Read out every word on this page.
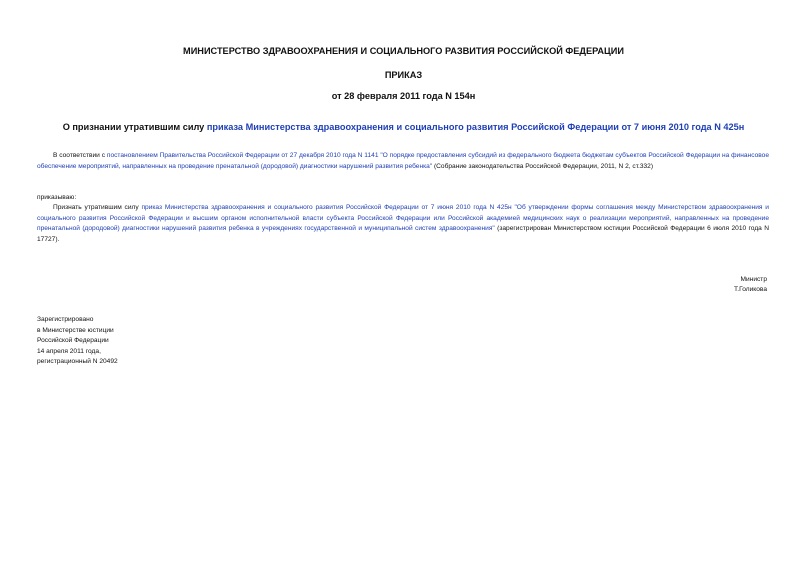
МИНИСТЕРСТВО ЗДРАВООХРАНЕНИЯ И СОЦИАЛЬНОГО РАЗВИТИЯ РОССИЙСКОЙ ФЕДЕРАЦИИ
ПРИКАЗ
от 28 февраля 2011 года N 154н
О признании утратившим силу приказа Министерства здравоохранения и социального развития Российской Федерации от 7 июня 2010 года N 425н
В соответствии с постановлением Правительства Российской Федерации от 27 декабря 2010 года N 1141 "О порядке предоставления субсидий из федерального бюджета бюджетам субъектов Российской Федерации на финансовое обеспечение мероприятий, направленных на проведение пренатальной (дородовой) диагностики нарушений развития ребенка" (Собрание законодательства Российской Федерации, 2011, N 2, ст.332)
приказываю:
Признать утратившим силу приказ Министерства здравоохранения и социального развития Российской Федерации от 7 июня 2010 года N 425н "Об утверждении формы соглашения между Министерством здравоохранения и социального развития Российской Федерации и высшим органом исполнительной власти субъекта Российской Федерации или Российской академией медицинских наук о реализации мероприятий, направленных на проведение пренатальной (дородовой) диагностики нарушений развития ребенка в учреждениях государственной и муниципальной систем здравоохранения" (зарегистрирован Министерством юстиции Российской Федерации 6 июля 2010 года N 17727).
Министр
Т.Голикова
Зарегистрировано
в Министерстве юстиции
Российской Федерации
14 апреля 2011 года,
регистрационный N 20492
